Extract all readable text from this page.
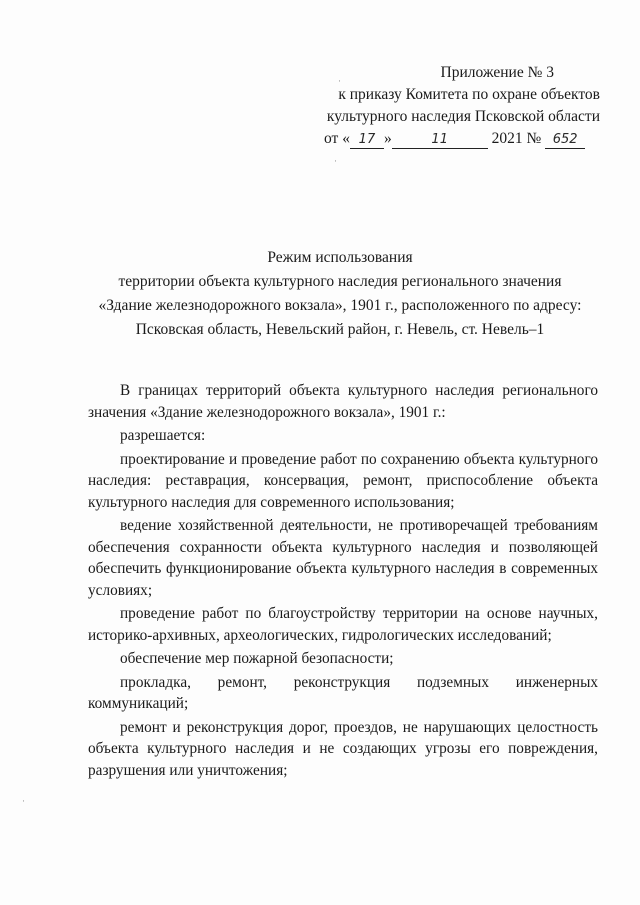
Приложение № 3
к приказу Комитета по охране объектов
культурного наследия Псковской области
от « 17 »	11	2021 № 652
Режим использования
территории объекта культурного наследия регионального значения
«Здание железнодорожного вокзала», 1901 г., расположенного по адресу:
Псковская область, Невельский район, г. Невель, ст. Невель–1

В границах территорий объекта культурного наследия регионального значения «Здание железнодорожного вокзала», 1901 г.:

разрешается:

проектирование и проведение работ по сохранению объекта культурного наследия: реставрация, консервация, ремонт, приспособление объекта культурного наследия для современного использования;

ведение хозяйственной деятельности, не противоречащей требованиям обеспечения сохранности объекта культурного наследия и позволяющей обеспечить функционирование объекта культурного наследия в современных условиях;

проведение работ по благоустройству территории на основе научных, историко-архивных, археологических, гидрологических исследований;

обеспечение мер пожарной безопасности;

прокладка, ремонт, реконструкция подземных инженерных коммуникаций;

ремонт и реконструкция дорог, проездов, не нарушающих целостность объекта культурного наследия и не создающих угрозы его повреждения, разрушения или уничтожения;

·
·
·
